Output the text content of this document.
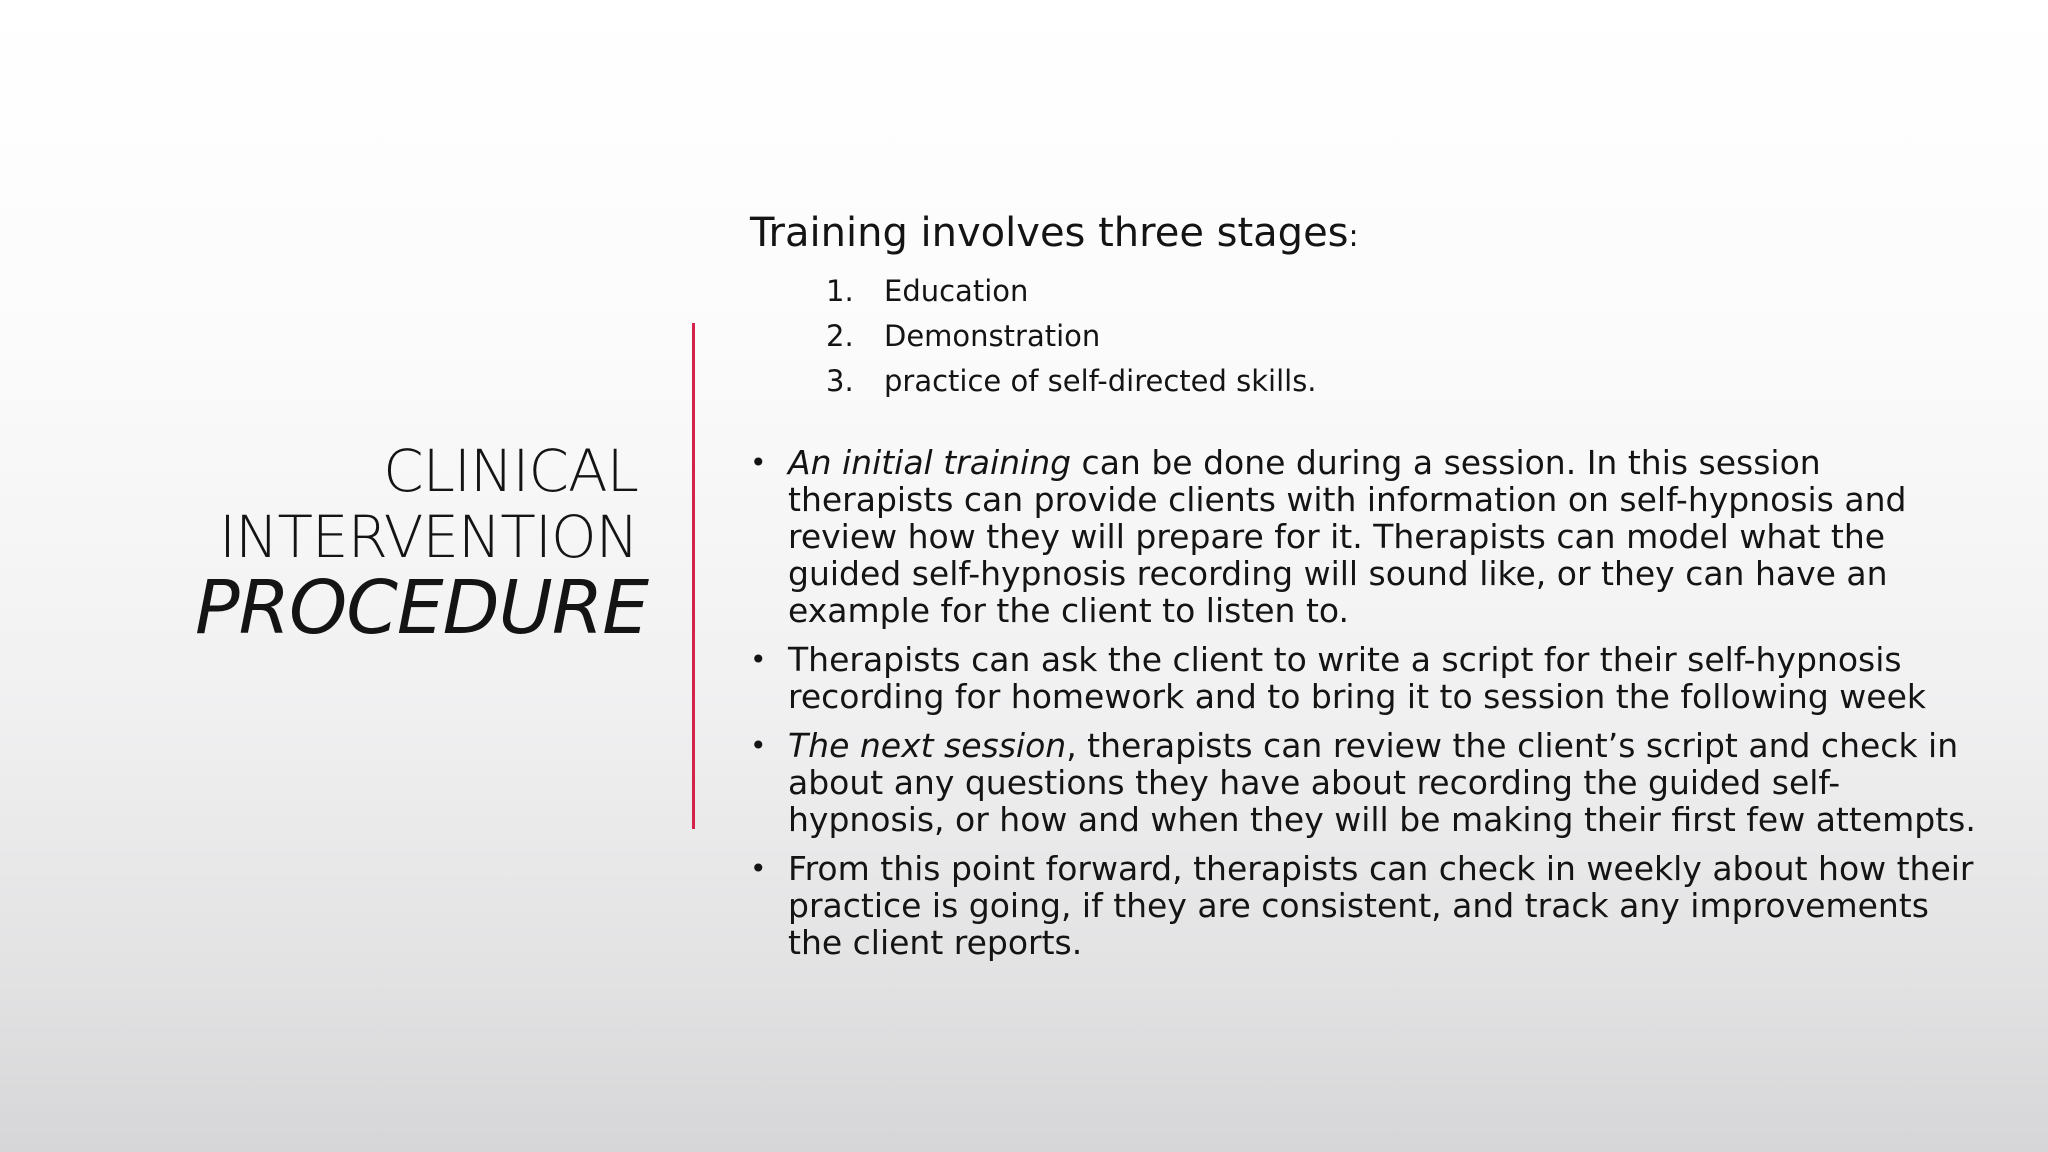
CLINICAL
INTERVENTION
PROCEDURE

Training involves three stages:

1. Education
2. Demonstration
3. practice of self-directed skills.
• An initial training can be done during a session. In this session therapists can provide clients with information on self-hypnosis and review how they will prepare for it. Therapists can model what the guided self-hypnosis recording will sound like, or they can have an example for the client to listen to.
• Therapists can ask the client to write a script for their self-hypnosis recording for homework and to bring it to session the following week
• The next session, therapists can review the client’s script and check in about any questions they have about recording the guided self-hypnosis, or how and when they will be making their first few attempts.
• From this point forward, therapists can check in weekly about how their practice is going, if they are consistent, and track any improvements the client reports.
